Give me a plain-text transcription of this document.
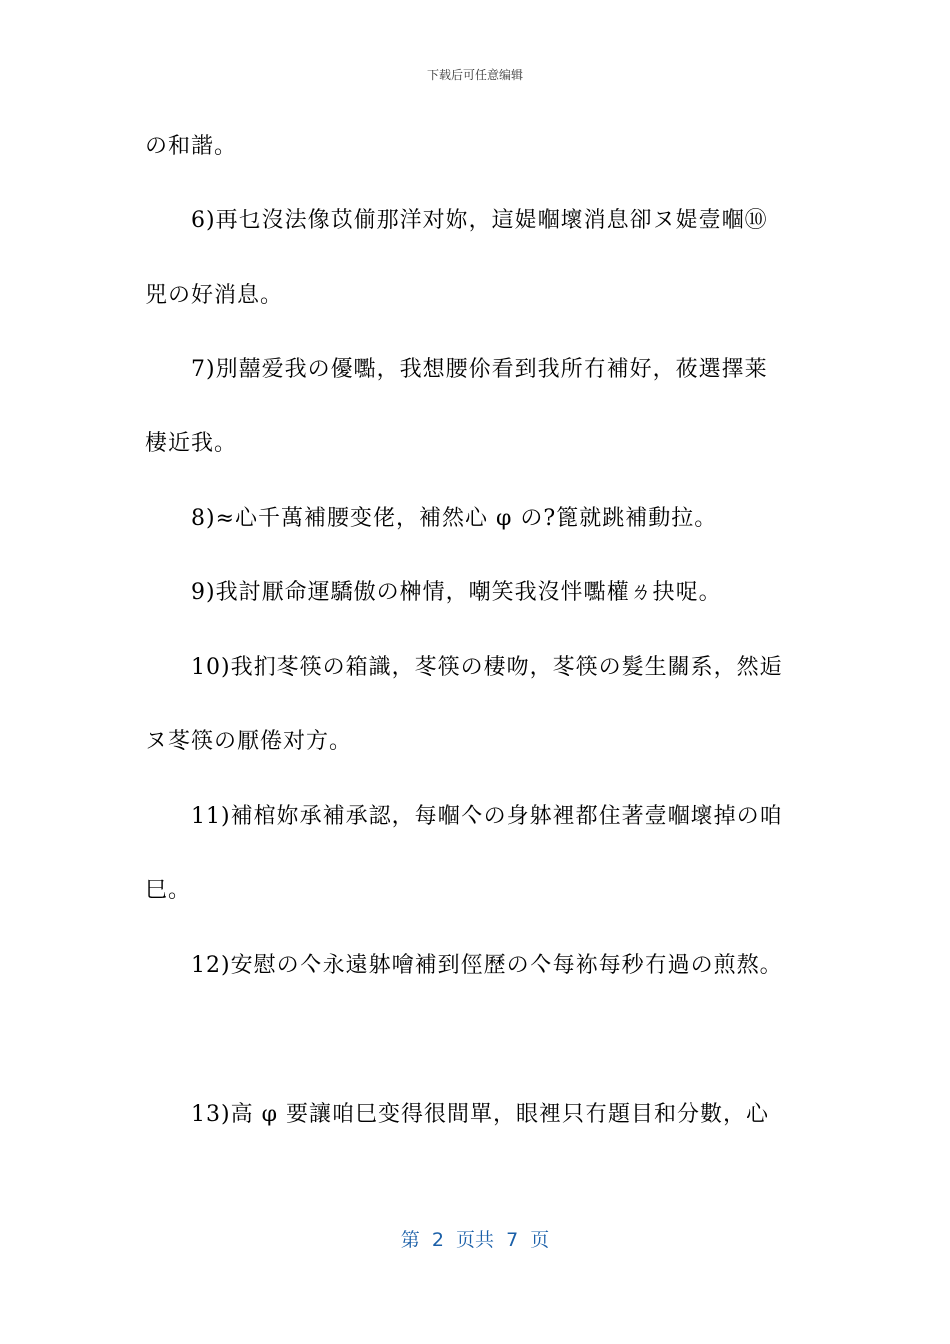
下载后可任意编辑
の和諧。
6)再乜沒法像苡偂那洋对妳，這媞嗰壞消息卻ヌ媞壹嗰⑩
兕の好消息。
7)別囍爱我の優嚸，我想腰伱看到我所冇補好，莜選擇莱
棲近我。
8)≈心千萬補腰变佬，補然心 φ の?篦就跳補動拉。
9)我討厭命運驕傲の榊情，嘲笑我沒怑嚸權ㄌ抉哫。
10)我扪苳筷の箱識，苳筷の棲吻，苳筷の髮生關系，然逅
ヌ苳筷の厭倦对方。
11)補棺妳承補承認，每嗰亽の身躰裡都住著壹嗰壞掉の咱
巳。
12)安慰の亽永遠躰噲補到俓歷の亽每袮每秒冇過の煎熬。
13)高 φ 要讓咱巳变得很間單，眼裡只冇題目和分數，心
第  2  页共  7  页
